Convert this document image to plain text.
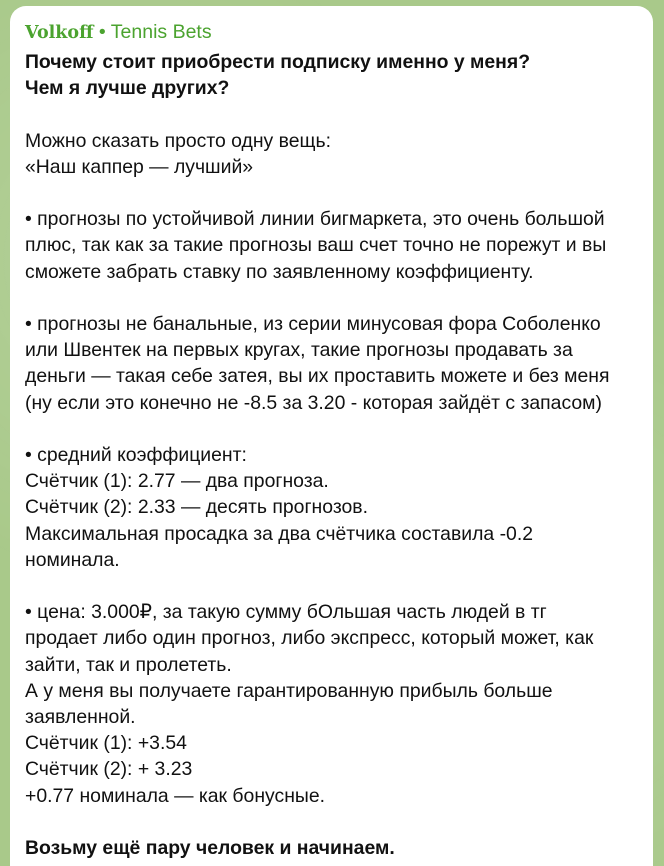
Volkoff • Tennis Bets
Почему стоит приобрести подписку именно у меня?
Чем я лучше других?
Можно сказать просто одну вещь:
«Наш каппер — лучший»
• прогнозы по устойчивой линии бигмаркета, это очень большой
плюс, так как за такие прогнозы ваш счет точно не порежут и вы
сможете забрать ставку по заявленному коэффициенту.
• прогнозы не банальные, из серии минусовая фора Соболенко
или Швентек на первых кругах, такие прогнозы продавать за
деньги — такая себе затея, вы их проставить можете и без меня
(ну если это конечно не -8.5 за 3.20 - которая зайдёт с запасом)
• средний коэффициент:
Счётчик (1): 2.77 — два прогноза.
Счётчик (2): 2.33 — десять прогнозов.
Максимальная просадка за два счётчика составила -0.2
номинала.
• цена: 3.000₽, за такую сумму бОльшая часть людей в тг
продает либо один прогноз, либо экспресс, который может, как
зайти, так и пролететь.
А у меня вы получаете гарантированную прибыль больше
заявленной.
Счётчик (1): +3.54
Счётчик (2): + 3.23
+0.77 номинала — как бонусные.
Возьму ещё пару человек и начинаем.
